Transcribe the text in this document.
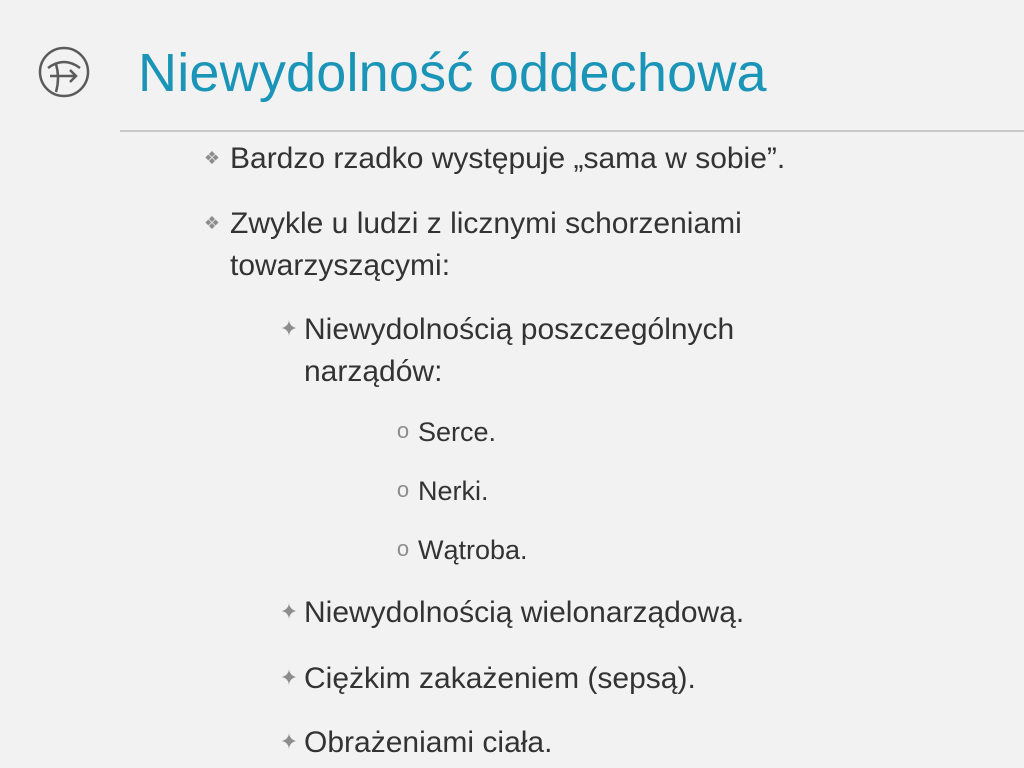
Niewydolność oddechowa
❖ Bardzo rzadko występuje „sama w sobie”.
❖ Zwykle u ludzi z licznymi schorzeniami
towarzyszącymi:
✦ Niewydolnością poszczególnych
narządów:
o Serce.
o Nerki.
o Wątroba.
✦ Niewydolnością wielonarządową.
✦ Ciężkim zakażeniem (sepsą).
✦ Obrażeniami ciała.
